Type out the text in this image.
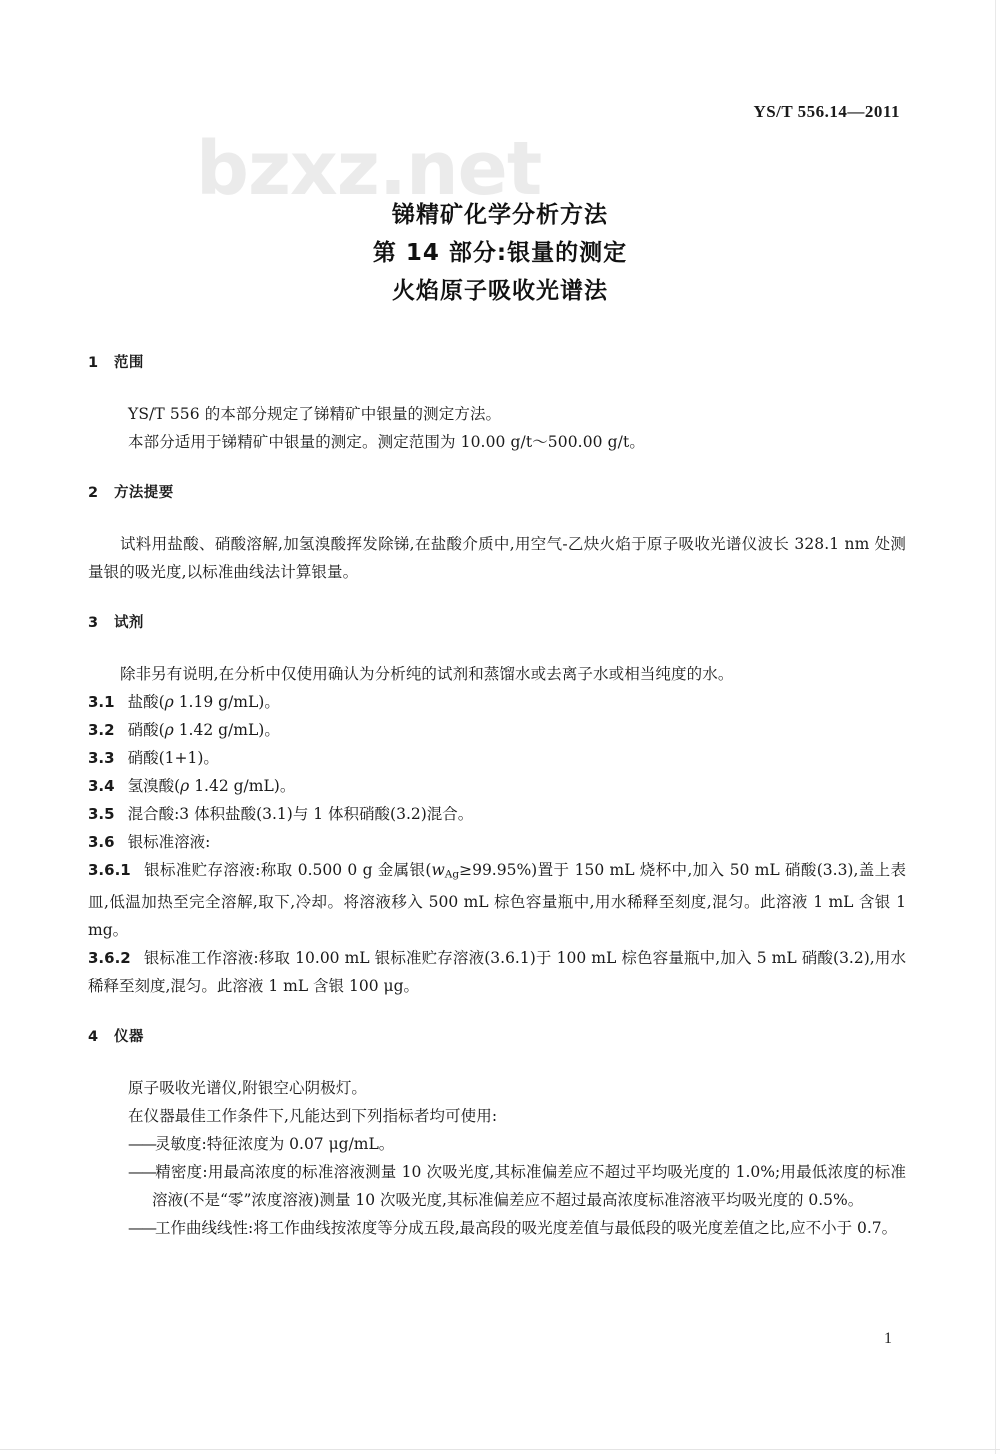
bzxz.net
YS/T 556.14—2011
锑精矿化学分析方法
第 14 部分:银量的测定
火焰原子吸收光谱法
1 范围

YS/T 556 的本部分规定了锑精矿中银量的测定方法。

本部分适用于锑精矿中银量的测定。测定范围为 10.00 g/t～500.00 g/t。

2 方法提要

试料用盐酸、硝酸溶解,加氢溴酸挥发除锑,在盐酸介质中,用空气-乙炔火焰于原子吸收光谱仪波长 328.1 nm 处测量银的吸光度,以标准曲线法计算银量。

3 试剂

除非另有说明,在分析中仅使用确认为分析纯的试剂和蒸馏水或去离子水或相当纯度的水。

3.1 盐酸(ρ 1.19 g/mL)。

3.2 硝酸(ρ 1.42 g/mL)。

3.3 硝酸(1+1)。

3.4 氢溴酸(ρ 1.42 g/mL)。

3.5 混合酸:3 体积盐酸(3.1)与 1 体积硝酸(3.2)混合。

3.6 银标准溶液:

3.6.1 银标准贮存溶液:称取 0.500 0 g 金属银$(w_{Ag}\ge 99.95\%)$置于 150 mL 烧杯中,加入 50 mL 硝酸(3.3),盖上表皿,低温加热至完全溶解,取下,冷却。将溶液移入 500 mL 棕色容量瓶中,用水稀释至刻度,混匀。此溶液 1 mL 含银 1 mg。

3.6.2 银标准工作溶液:移取 10.00 mL 银标准贮存溶液(3.6.1)于 100 mL 棕色容量瓶中,加入 5 mL 硝酸(3.2),用水稀释至刻度,混匀。此溶液 1 mL 含银 100 μg。

4 仪器

原子吸收光谱仪,附银空心阴极灯。

在仪器最佳工作条件下,凡能达到下列指标者均可使用:

——灵敏度:特征浓度为 0.07 μg/mL。

——精密度:用最高浓度的标准溶液测量 10 次吸光度,其标准偏差应不超过平均吸光度的 1.0%;用最低浓度的标准溶液(不是“零”浓度溶液)测量 10 次吸光度,其标准偏差应不超过最高浓度标准溶液平均吸光度的 0.5%。

——工作曲线线性:将工作曲线按浓度等分成五段,最高段的吸光度差值与最低段的吸光度差值之比,应不小于 0.7。

1
